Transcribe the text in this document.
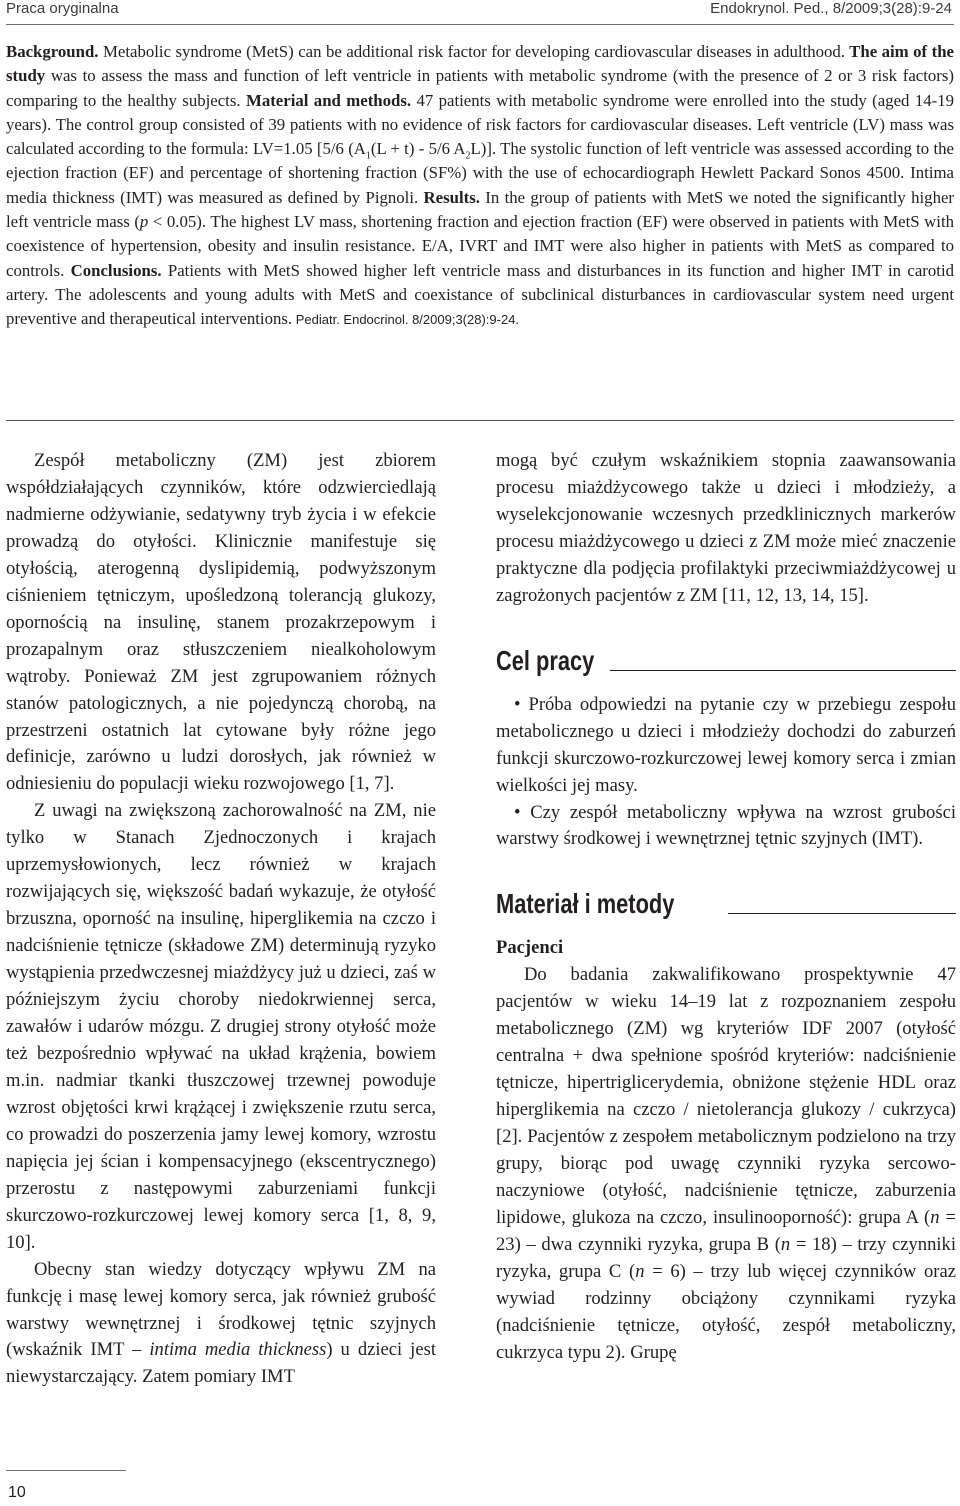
Praca oryginalna	Endokrynol. Ped., 8/2009;3(28):9-24
Background. Metabolic syndrome (MetS) can be additional risk factor for developing cardiovascular diseases in adulthood. The aim of the study was to assess the mass and function of left ventricle in patients with metabolic syndrome (with the presence of 2 or 3 risk factors) comparing to the healthy subjects. Material and methods. 47 patients with metabolic syndrome were enrolled into the study (aged 14-19 years). The control group consisted of 39 patients with no evidence of risk factors for cardiovascular diseases. Left ventricle (LV) mass was calculated according to the formula: LV=1.05 [5/6 ($A_1(L + t) - 5/6$ $A_2L$)]. The systolic function of left ventricle was assessed according to the ejection fraction (EF) and percentage of shortening fraction (SF%) with the use of echocardiograph Hewlett Packard Sonos 4500. Intima media thickness (IMT) was measured as defined by Pignoli. Results. In the group of patients with MetS we noted the significantly higher left ventricle mass (p < 0.05). The highest LV mass, shortening fraction and ejection fraction (EF) were observed in patients with MetS with coexistence of hypertension, obesity and insulin resistance. E/A, IVRT and IMT were also higher in patients with MetS as compared to controls. Conclusions. Patients with MetS showed higher left ventricle mass and disturbances in its function and higher IMT in carotid artery. The adolescents and young adults with MetS and coexistance of subclinical disturbances in cardiovascular system need urgent preventive and therapeutical interventions. Pediatr. Endocrinol. 8/2009;3(28):9-24.

Zespół metaboliczny (ZM) jest zbiorem współdziałających czynników, które odzwierciedlają nadmierne odżywianie, sedatywny tryb życia i w efekcie prowadzą do otyłości. Klinicznie manifestuje się otyłością, aterogenną dyslipidemią, podwyższonym ciśnieniem tętniczym, upośledzoną tolerancją glukozy, opornością na insulinę, stanem prozakrzepowym i prozapalnym oraz stłuszczeniem niealkoholowym wątroby. Ponieważ ZM jest zgrupowaniem różnych stanów patologicznych, a nie pojedynczą chorobą, na przestrzeni ostatnich lat cytowane były różne jego definicje, zarówno u ludzi dorosłych, jak również w odniesieniu do populacji wieku rozwojowego [1, 7].

Z uwagi na zwiększoną zachorowalność na ZM, nie tylko w Stanach Zjednoczonych i krajach uprzemysłowionych, lecz również w krajach rozwijających się, większość badań wykazuje, że otyłość brzuszna, oporność na insulinę, hiperglikemia na czczo i nadciśnienie tętnicze (składowe ZM) determinują ryzyko wystąpienia przedwczesnej miażdżycy już u dzieci, zaś w późniejszym życiu choroby niedokrwiennej serca, zawałów i udarów mózgu. Z drugiej strony otyłość może też bezpośrednio wpływać na układ krążenia, bowiem m.in. nadmiar tkanki tłuszczowej trzewnej powoduje wzrost objętości krwi krążącej i zwiększenie rzutu serca, co prowadzi do poszerzenia jamy lewej komory, wzrostu napięcia jej ścian i kompensacyjnego (ekscentrycznego) przerostu z następowymi zaburzeniami funkcji skurczowo-rozkurczowej lewej komory serca [1, 8, 9, 10].

Obecny stan wiedzy dotyczący wpływu ZM na funkcję i masę lewej komory serca, jak również grubość warstwy wewnętrznej i środkowej tętnic szyjnych (wskaźnik IMT – intima media thickness) u dzieci jest niewystarczający. Zatem pomiary IMT

mogą być czułym wskaźnikiem stopnia zaawansowania procesu miażdżycowego także u dzieci i młodzieży, a wyselekcjonowanie wczesnych przedklinicznych markerów procesu miażdżycowego u dzieci z ZM może mieć znaczenie praktyczne dla podjęcia profilaktyki przeciwmiażdżycowej u zagrożonych pacjentów z ZM [11, 12, 13, 14, 15].

Cel pracy

• Próba odpowiedzi na pytanie czy w przebiegu zespołu metabolicznego u dzieci i młodzieży dochodzi do zaburzeń funkcji skurczowo-rozkurczowej lewej komory serca i zmian wielkości jej masy.

• Czy zespół metaboliczny wpływa na wzrost grubości warstwy środkowej i wewnętrznej tętnic szyjnych (IMT).

Materiał i metody

Pacjenci

Do badania zakwalifikowano prospektywnie 47 pacjentów w wieku 14–19 lat z rozpoznaniem zespołu metabolicznego (ZM) wg kryteriów IDF 2007 (otyłość centralna + dwa spełnione spośród kryteriów: nadciśnienie tętnicze, hipertriglicerydemia, obniżone stężenie HDL oraz hiperglikemia na czczo / nietolerancja glukozy / cukrzyca) [2]. Pacjentów z zespołem metabolicznym podzielono na trzy grupy, biorąc pod uwagę czynniki ryzyka sercowo-naczyniowe (otyłość, nadciśnienie tętnicze, zaburzenia lipidowe, glukoza na czczo, insulinooporność): grupa A (n = 23) – dwa czynniki ryzyka, grupa B (n = 18) – trzy czynniki ryzyka, grupa C (n = 6) – trzy lub więcej czynników oraz wywiad rodzinny obciążony czynnikami ryzyka (nadciśnienie tętnicze, otyłość, zespół metaboliczny, cukrzyca typu 2). Grupę

10
